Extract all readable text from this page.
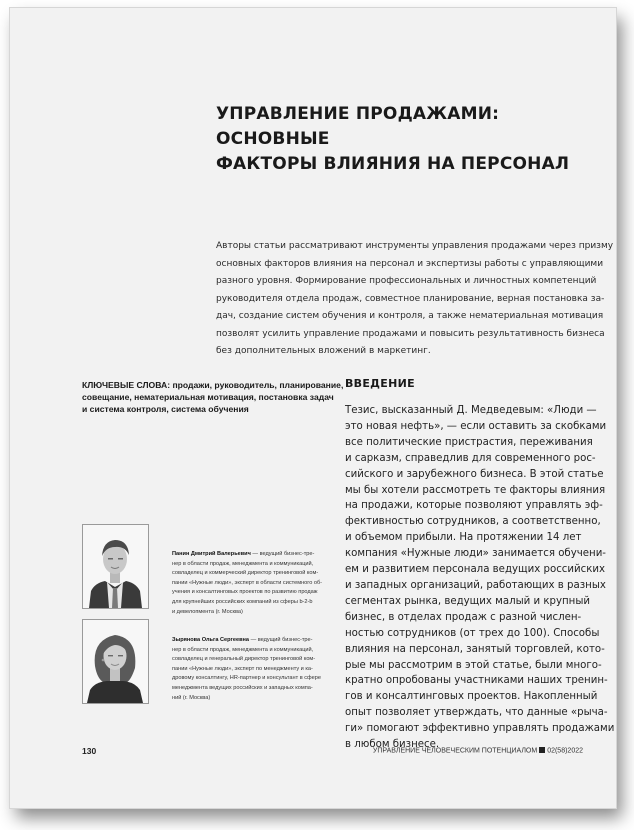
УПРАВЛЕНИЕ ПРОДАЖАМИ: ОСНОВНЫЕ
ФАКТОРЫ ВЛИЯНИЯ НА ПЕРСОНАЛ
Авторы статьи рассматривают инструменты управления продажами через призму
основных факторов влияния на персонал и экспертизы работы с управляющими
разного уровня. Формирование профессиональных и личностных компетенций
руководителя отдела продаж, совместное планирование, верная постановка за-
дач, создание систем обучения и контроля, а также нематериальная мотивация
позволят усилить управление продажами и повысить результативность бизнеса
без дополнительных вложений в маркетинг.
КЛЮЧЕВЫЕ СЛОВА: продажи, руководитель, планирование,
совещание, нематериальная мотивация, постановка задач
и система контроля, система обучения
ВВЕДЕНИЕ
Тезис, высказанный Д. Медведевым: «Люди —
это новая нефть», — если оставить за скобками
все политические пристрастия, переживания
и сарказм, справедлив для современного рос-
сийского и зарубежного бизнеса. В этой статье
мы бы хотели рассмотреть те факторы влияния
на продажи, которые позволяют управлять эф-
фективностью сотрудников, а соответственно,
и объемом прибыли. На протяжении 14 лет
компания «Нужные люди» занимается обучени-
ем и развитием персонала ведущих российских
и западных организаций, работающих в разных
сегментах рынка, ведущих малый и крупный
бизнес, в отделах продаж с разной числен-
ностью сотрудников (от трех до 100). Способы
влияния на персонал, занятый торговлей, кото-
рые мы рассмотрим в этой статье, были много-
кратно опробованы участниками наших тренин-
гов и консалтинговых проектов. Накопленный
опыт позволяет утверждать, что данные «рыча-
ги» помогают эффективно управлять продажами
в любом бизнесе.
Панин Дмитрий Валерьевич — ведущий бизнес-тре-
нер в области продаж, менеджмента и коммуникаций,
совладелец и коммерческий директор тренинговой ком-
пании «Нужные люди», эксперт в области системного об-
учения и консалтинговых проектов по развитию продаж
для крупнейших российских компаний из сферы b-2-b
и девелопмента (г. Москва)
Зырянова Ольга Сергеевна — ведущий бизнес-тре-
нер в области продаж, менеджмента и коммуникаций,
совладелец и генеральный директор тренинговой ком-
пании «Нужные люди», эксперт по менеджменту и ка-
дровому консалтингу, HR-партнер и консультант в сфере
менеджмента ведущих российских и западных компа-
ний (г. Москва)
130	УПРАВЛЕНИЕ ЧЕЛОВЕЧЕСКИМ ПОТЕНЦИАЛОМ 02(58)2022
